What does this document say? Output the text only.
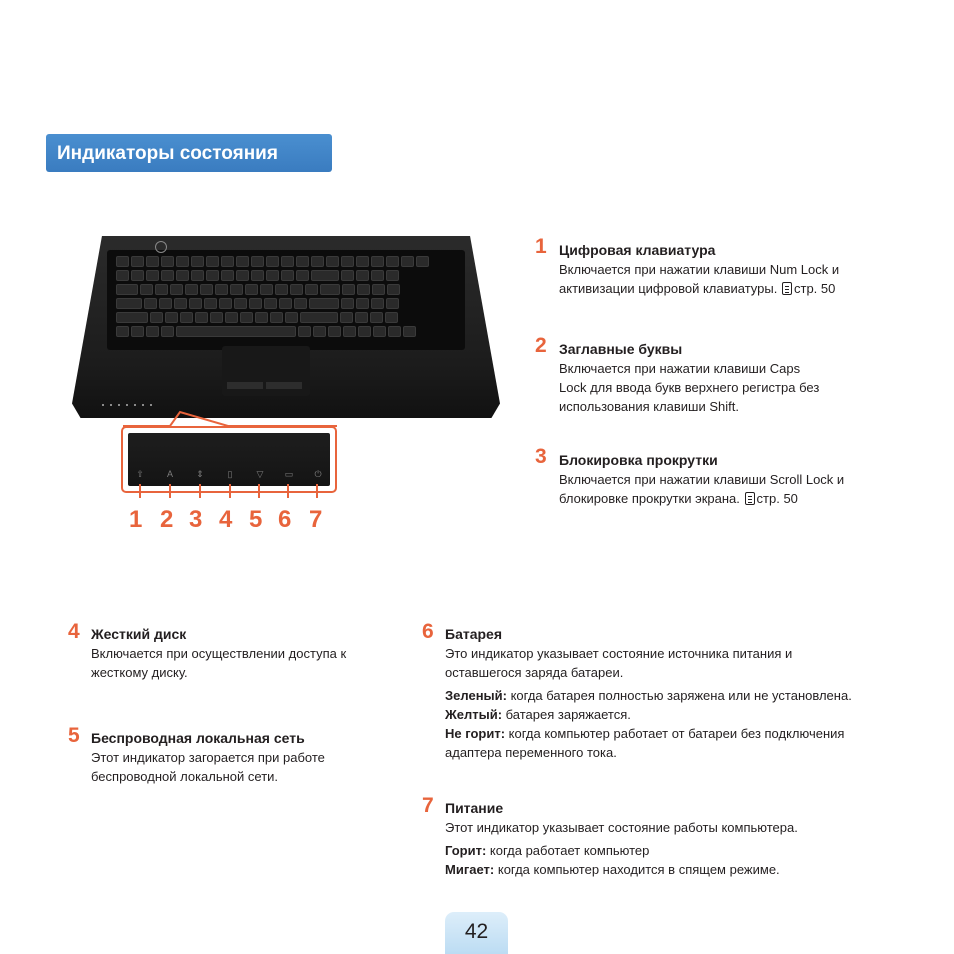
Индикаторы состояния
⇧	A	⇕	▯	▽ ▭ ⏻
1 2 3 4 5 6 7
1 Цифровая клавиатура
Включается при нажатии клавиши Num Lock и
активизации цифровой клавиатуры. стр. 50
2 Заглавные буквы
Включается при нажатии клавиши Caps
Lock для ввода букв верхнего регистра без
использования клавиши Shift.
3 Блокировка прокрутки
Включается при нажатии клавиши Scroll Lock и
блокировке прокрутки экрана. стр. 50
4 Жесткий диск
Включается при осуществлении доступа к
жесткому диску.
5 Беспроводная локальная сеть
Этот индикатор загорается при работе
беспроводной локальной сети.
6 Батарея
Это индикатор указывает состояние источника питания и
оставшегося заряда батареи.
Зеленый: когда батарея полностью заряжена или не установлена.
Желтый: батарея заряжается.
Не горит: когда компьютер работает от батареи без подключения
адаптера переменного тока.
7 Питание
Этот индикатор указывает состояние работы компьютера.
Горит: когда работает компьютер
Мигает: когда компьютер находится в спящем режиме.
42
